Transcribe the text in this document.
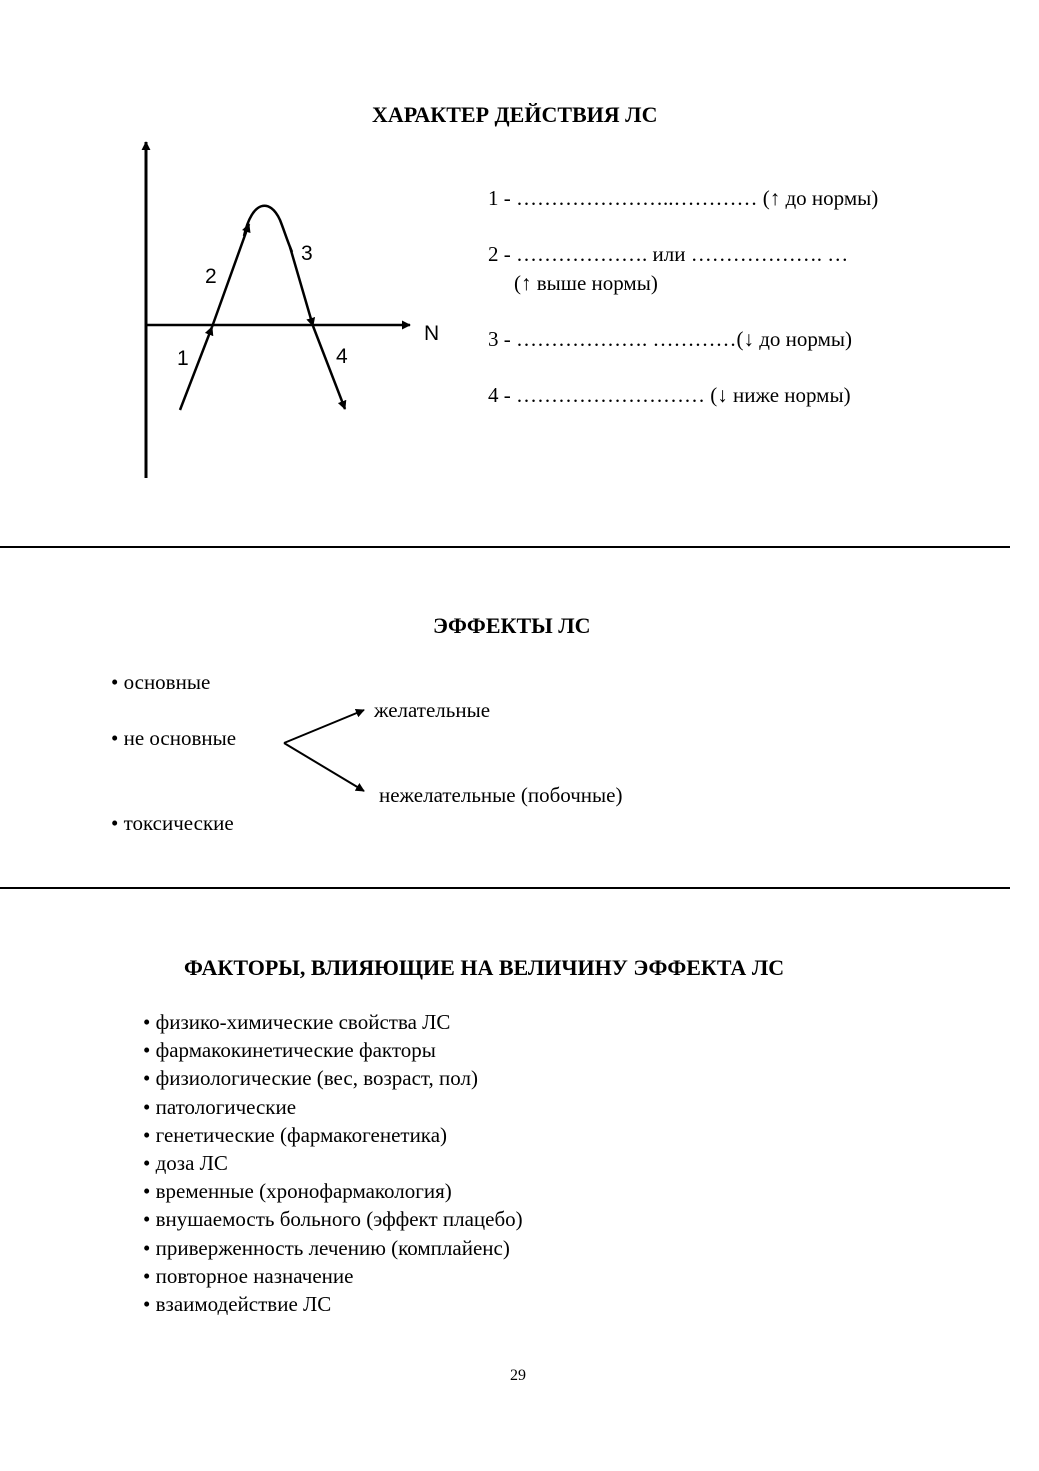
ХАРАКТЕР ДЕЙСТВИЯ ЛС
1
2
3
4
N
1 - …………………..………… (↑ до нормы)
2 - ………………. или ………………. …
(↑ выше нормы)
3 - ………………. …………(↓ до нормы)
4 - ……………………… (↓ ниже нормы)
ЭФФЕКТЫ ЛС
• основные
• не основные
• токсические
желательные
нежелательные (побочные)
ФАКТОРЫ, ВЛИЯЮЩИЕ НА ВЕЛИЧИНУ ЭФФЕКТА ЛС
• физико-химические свойства ЛС
• фармакокинетические факторы
• физиологические (вес, возраст, пол)
• патологические
• генетические (фармакогенетика)
• доза ЛС
• временные (хронофармакология)
• внушаемость больного (эффект плацебо)
• приверженность лечению (комплайенс)
• повторное назначение
• взаимодействие ЛС
29
